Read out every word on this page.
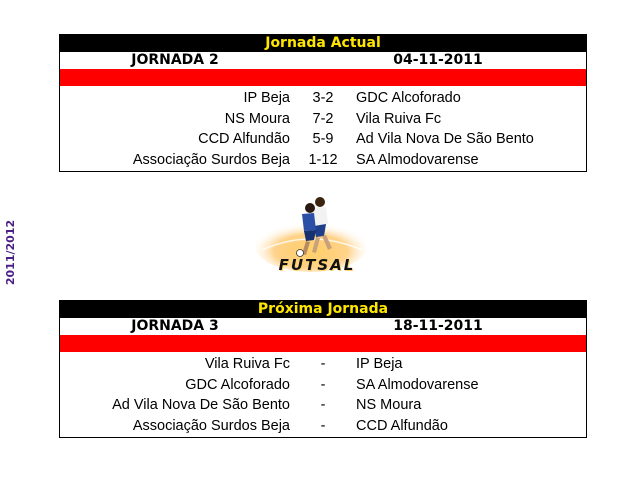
2011/2012
Jornada Actual
JORNADA 2	04-11-2011
IP Beja	3-2	GDC Alcoforado
NS Moura	7-2	Vila Ruiva Fc
CCD Alfundão	5-9	Ad Vila Nova De São Bento
Associação Surdos Beja	1-12	SA Almodovarense
FUTSAL
Próxima Jornada
JORNADA 3	18-11-2011
Vila Ruiva Fc	-	IP Beja
GDC Alcoforado	-	SA Almodovarense
Ad Vila Nova De São Bento	-	NS Moura
Associação Surdos Beja	-	CCD Alfundão
